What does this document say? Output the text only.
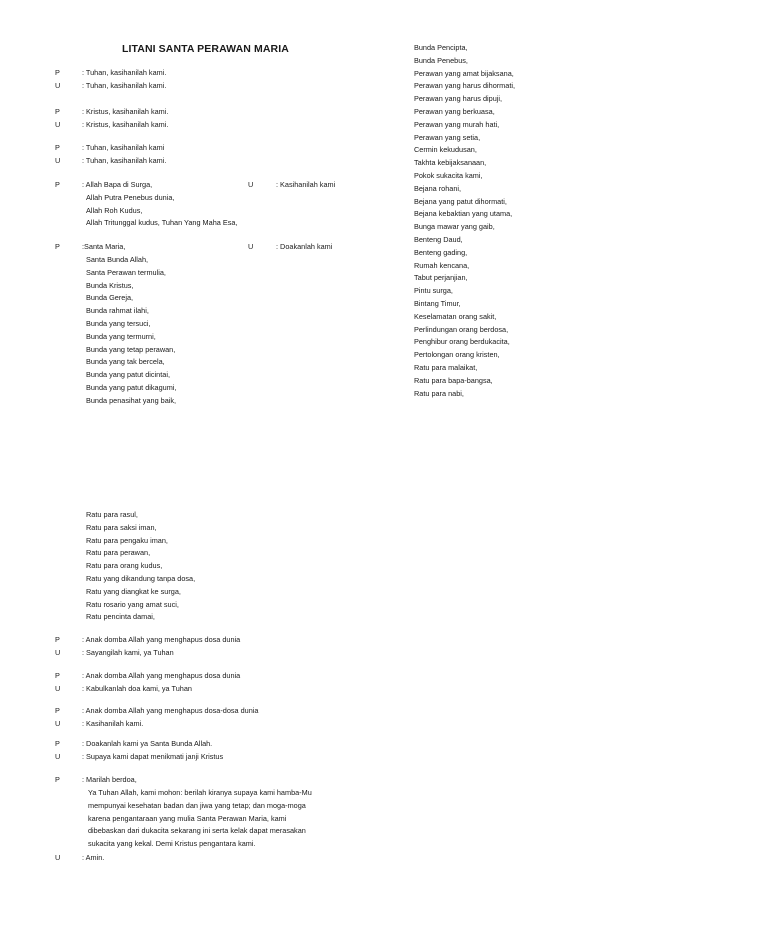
LITANI SANTA PERAWAN MARIA
P	: Tuhan, kasihanilah kami.
U	: Tuhan, kasihanilah kami.
P	: Kristus, kasihanilah kami.
U	: Kristus, kasihanilah kami.
P	: Tuhan, kasihanilah kami
U	: Tuhan, kasihanilah kami.
P	: Allah Bapa di Surga,	U	: Kasihanilah kami
Allah Putra Penebus dunia,
Allah Roh Kudus,
Allah Tritunggal kudus, Tuhan Yang Maha Esa,
P	:Santa Maria,	U	: Doakanlah kami
Santa Bunda Allah,
Santa Perawan termulia,
Bunda Kristus,
Bunda Gereja,
Bunda rahmat ilahi,
Bunda yang tersuci,
Bunda yang termurni,
Bunda yang tetap perawan,
Bunda yang tak bercela,
Bunda yang patut dicintai,
Bunda yang patut dikagumi,
Bunda penasihat yang baik,
Bunda Pencipta,
Bunda Penebus,
Perawan yang amat bijaksana,
Perawan yang harus dihormati,
Perawan yang harus dipuji,
Perawan yang berkuasa,
Perawan yang murah hati,
Perawan yang setia,
Cermin kekudusan,
Takhta kebijaksanaan,
Pokok sukacita kami,
Bejana rohani,
Bejana yang patut dihormati,
Bejana kebaktian yang utama,
Bunga mawar yang gaib,
Benteng Daud,
Benteng gading,
Rumah kencana,
Tabut perjanjian,
Pintu surga,
Bintang Timur,
Keselamatan orang sakit,
Perlindungan orang berdosa,
Penghibur orang berdukacita,
Pertolongan orang kristen,
Ratu para malaikat,
Ratu para bapa-bangsa,
Ratu para nabi,
Ratu para rasul,
Ratu para saksi iman,
Ratu para pengaku iman,
Ratu para perawan,
Ratu para orang kudus,
Ratu yang dikandung tanpa dosa,
Ratu yang diangkat ke surga,
Ratu rosario yang amat suci,
Ratu pencinta damai,
P	: Anak domba Allah yang menghapus dosa dunia
U	: Sayangilah kami, ya Tuhan
P	: Anak domba Allah yang menghapus dosa dunia
U	: Kabulkanlah doa kami, ya Tuhan
P	: Anak domba Allah yang menghapus dosa-dosa dunia
U	: Kasihanilah kami.
P	: Doakanlah kami ya Santa Bunda Allah.
U	: Supaya kami dapat menikmati janji Kristus
P	: Marilah berdoa,
Ya Tuhan Allah, kami mohon: berilah kiranya supaya kami hamba-Mu
mempunyai kesehatan badan dan jiwa yang tetap; dan moga-moga
karena pengantaraan yang mulia Santa Perawan Maria, kami
dibebaskan dari dukacita sekarang ini serta kelak dapat merasakan
sukacita yang kekal. Demi Kristus pengantara kami.
U	: Amin.
